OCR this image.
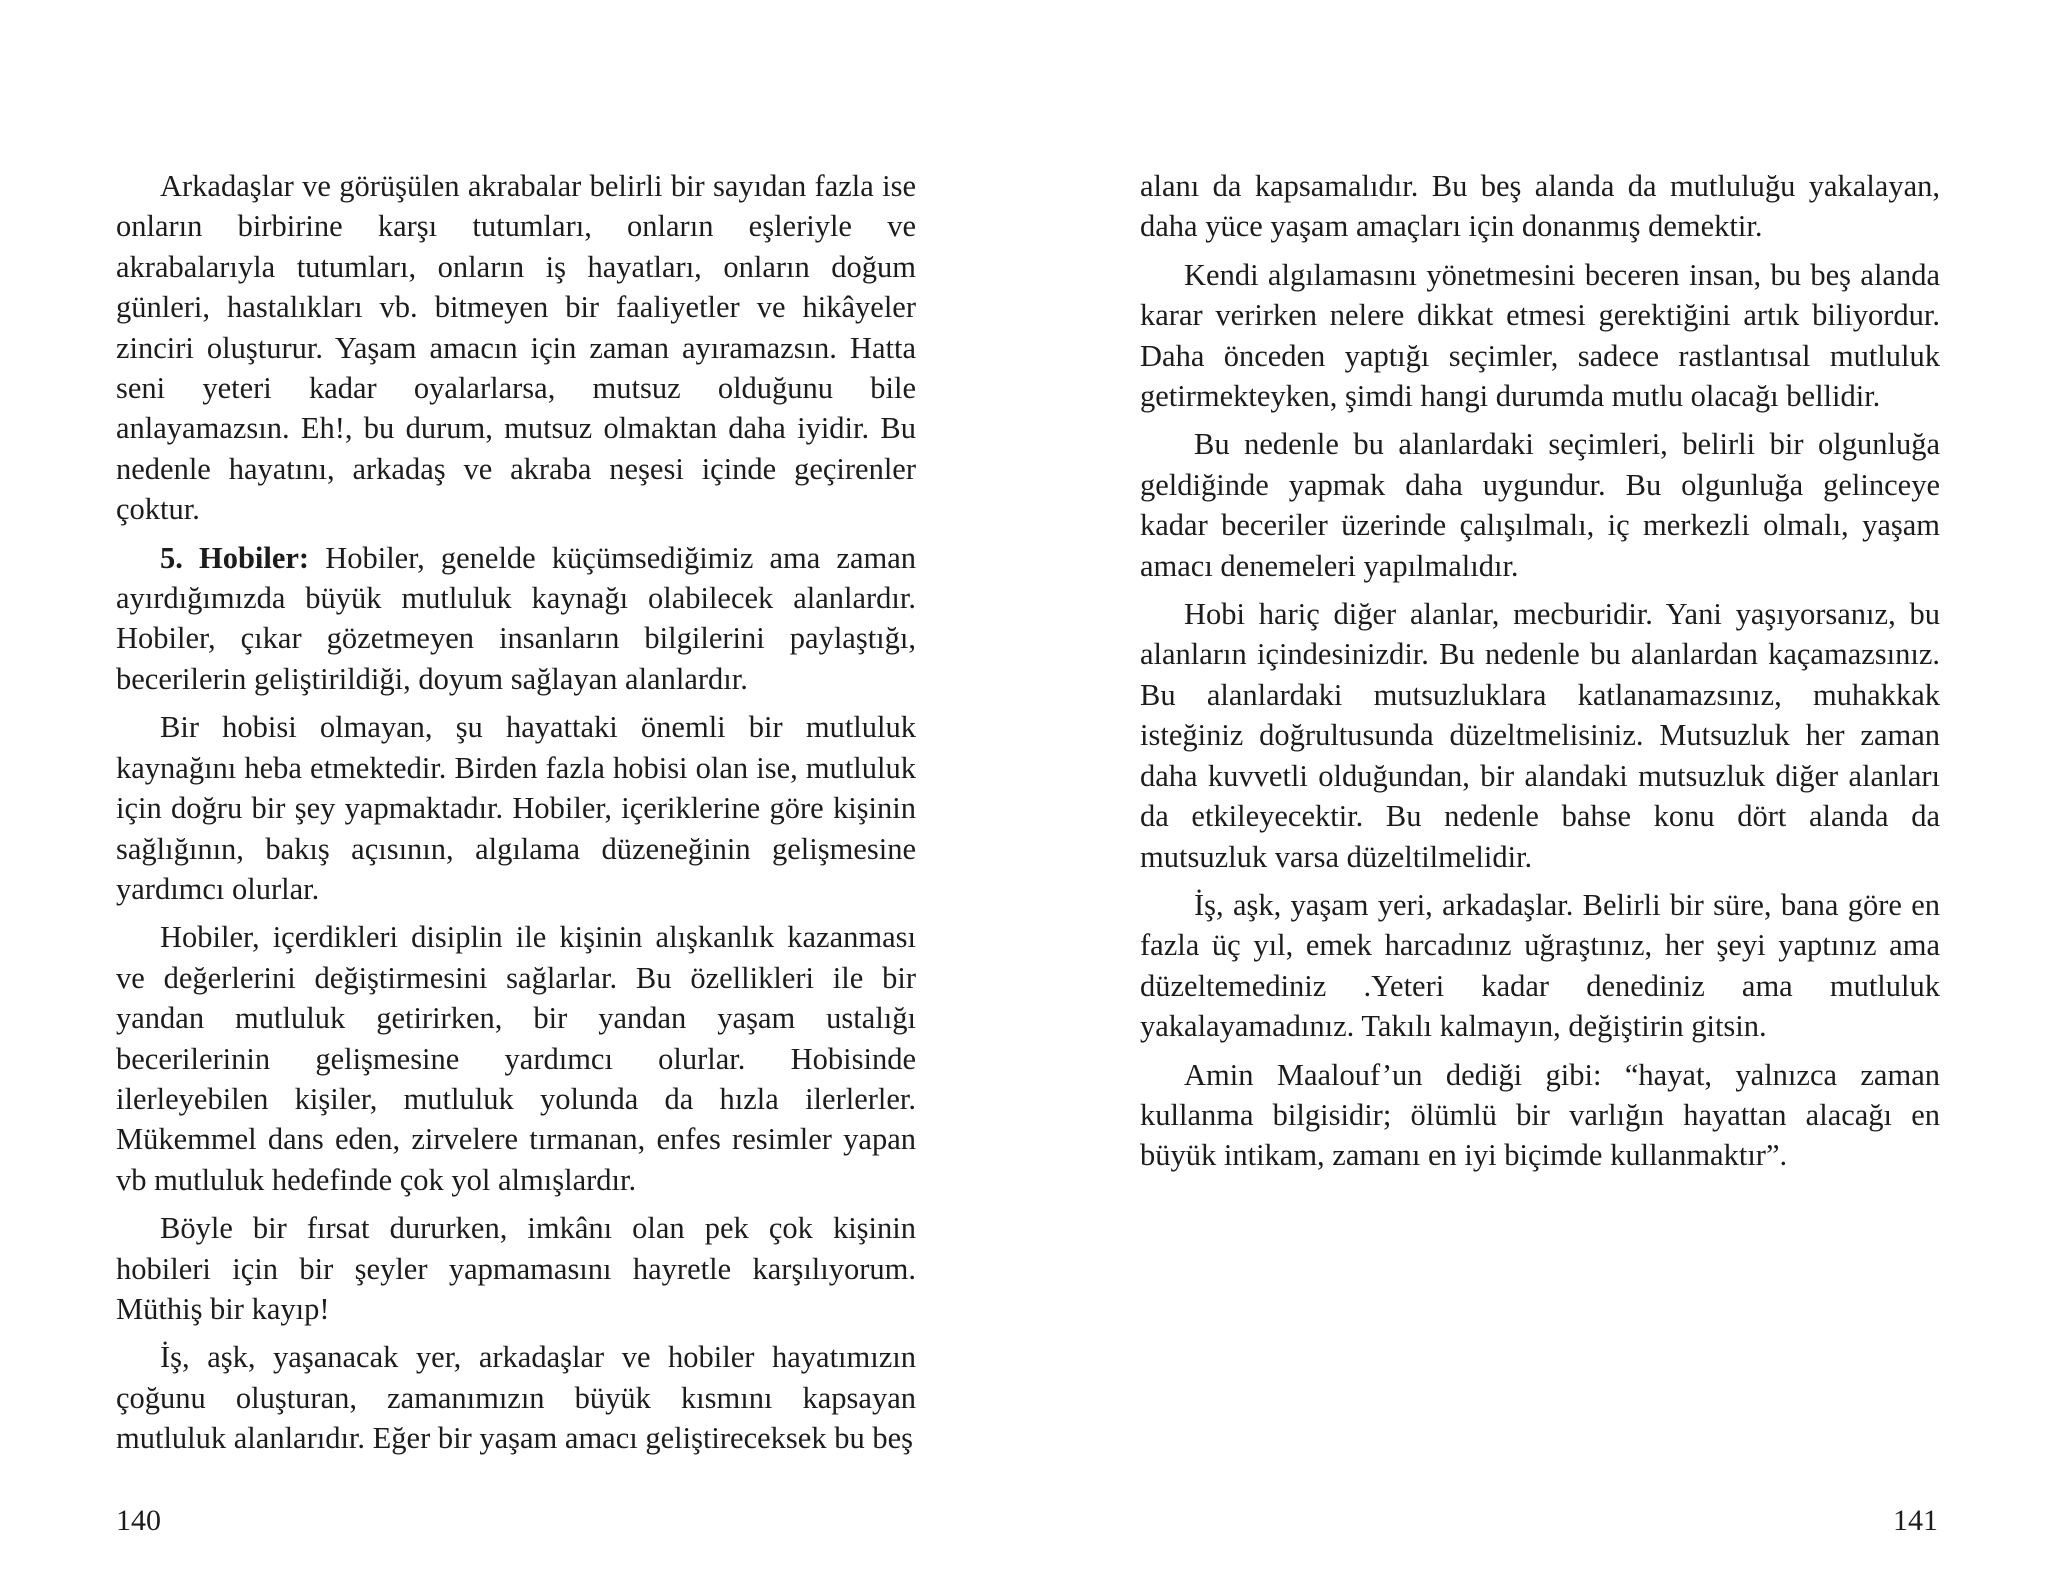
Arkadaşlar ve görüşülen akrabalar belirli bir sayıdan fazla ise onların birbirine karşı tutumları, onların eşleriyle ve akrabalarıyla tutumları, onların iş hayatları, onların doğum günleri, hastalıkları vb. bitmeyen bir faaliyetler ve hikâyeler zinciri oluşturur. Yaşam amacın için zaman ayıramazsın. Hatta seni yeteri kadar oyalarlarsa, mutsuz olduğunu bile anlayamazsın. Eh!, bu durum, mutsuz olmaktan daha iyidir. Bu nedenle hayatını, arkadaş ve akraba neşesi içinde geçirenler çoktur.

5. Hobiler: Hobiler, genelde küçümsediğimiz ama zaman ayırdığımızda büyük mutluluk kaynağı olabilecek alanlardır. Hobiler, çıkar gözetmeyen insanların bilgilerini paylaştığı, becerilerin geliştirildiği, doyum sağlayan alanlardır.

Bir hobisi olmayan, şu hayattaki önemli bir mutluluk kaynağını heba etmektedir. Birden fazla hobisi olan ise, mutluluk için doğru bir şey yapmaktadır. Hobiler, içeriklerine göre kişinin sağlığının, bakış açısının, algılama düzeneğinin gelişmesine yardımcı olurlar.

Hobiler, içerdikleri disiplin ile kişinin alışkanlık kazanması ve değerlerini değiştirmesini sağlarlar. Bu özellikleri ile bir yandan mutluluk getirirken, bir yandan yaşam ustalığı becerilerinin gelişmesine yardımcı olurlar. Hobisinde ilerleyebilen kişiler, mutluluk yolunda da hızla ilerlerler. Mükemmel dans eden, zirvelere tırmanan, enfes resimler yapan vb mutluluk hedefinde çok yol almışlardır.

Böyle bir fırsat dururken, imkânı olan pek çok kişinin hobileri için bir şeyler yapmamasını hayretle karşılıyorum. Müthiş bir kayıp!

İş, aşk, yaşanacak yer, arkadaşlar ve hobiler hayatımızın çoğunu oluşturan, zamanımızın büyük kısmını kapsayan mutluluk alanlarıdır. Eğer bir yaşam amacı geliştireceksek bu beş

140

alanı da kapsamalıdır. Bu beş alanda da mutluluğu yakalayan, daha yüce yaşam amaçları için donanmış demektir.

Kendi algılamasını yönetmesini beceren insan, bu beş alanda karar verirken nelere dikkat etmesi gerektiğini artık biliyordur. Daha önceden yaptığı seçimler, sadece rastlantısal mutluluk getirmekteyken, şimdi hangi durumda mutlu olacağı bellidir.

Bu nedenle bu alanlardaki seçimleri, belirli bir olgunluğa geldiğinde yapmak daha uygundur. Bu olgunluğa gelinceye kadar beceriler üzerinde çalışılmalı, iç merkezli olmalı, yaşam amacı denemeleri yapılmalıdır.

Hobi hariç diğer alanlar, mecburidir. Yani yaşıyorsanız, bu alanların içindesinizdir. Bu nedenle bu alanlardan kaçamazsınız. Bu alanlardaki mutsuzluklara katlanamazsınız, muhakkak isteğiniz doğrultusunda düzeltmelisiniz. Mutsuzluk her zaman daha kuvvetli olduğundan, bir alandaki mutsuzluk diğer alanları da etkileyecektir. Bu nedenle bahse konu dört alanda da mutsuzluk varsa düzeltilmelidir.

İş, aşk, yaşam yeri, arkadaşlar. Belirli bir süre, bana göre en fazla üç yıl, emek harcadınız uğraştınız, her şeyi yaptınız ama düzeltemediniz .Yeteri kadar denediniz ama mutluluk yakalayamadınız. Takılı kalmayın, değiştirin gitsin.

Amin Maalouf’un dediği gibi: “hayat, yalnızca zaman kullanma bilgisidir; ölümlü bir varlığın hayattan alacağı en büyük intikam, zamanı en iyi biçimde kullanmaktır”.

141
